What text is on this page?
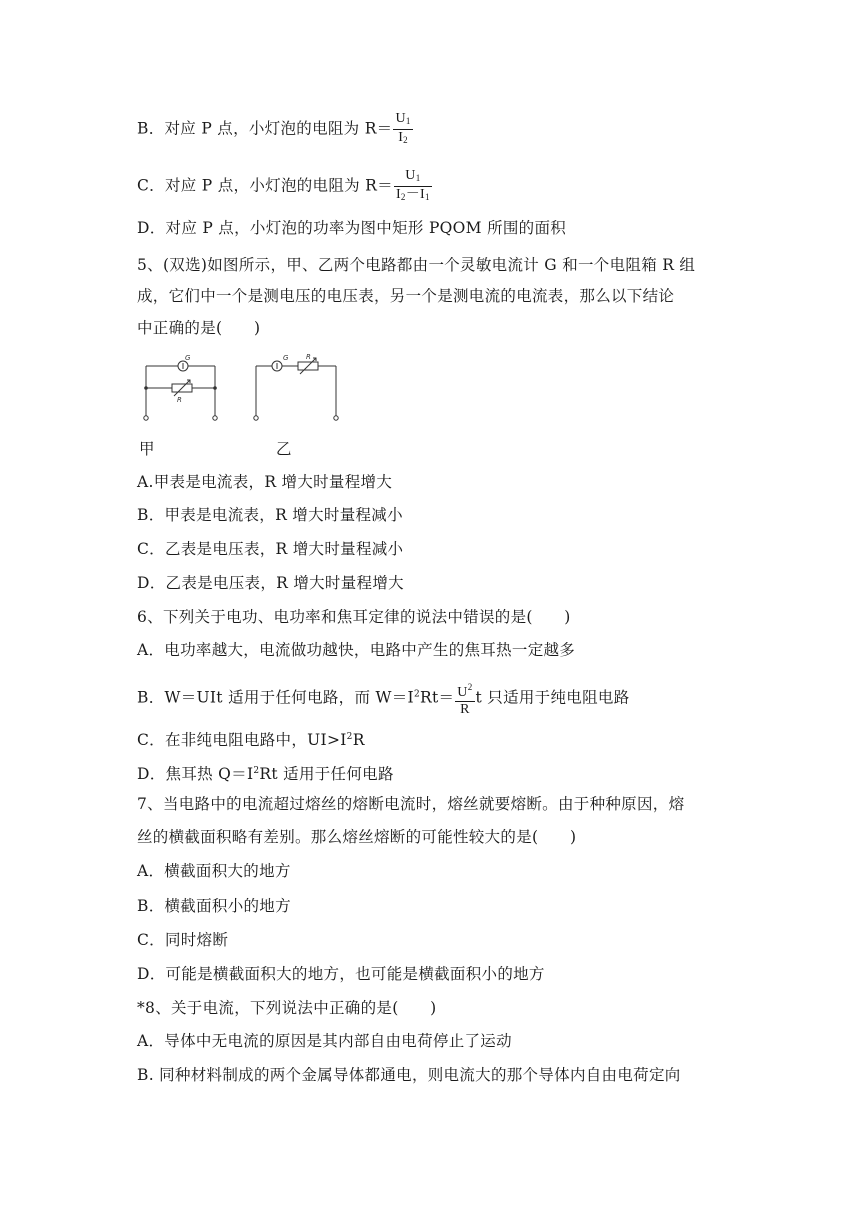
B．对应 P 点，小灯泡的电阻为 $R= \frac{U_1}{I_2}$
C．对应 P 点，小灯泡的电阻为 $R= \frac{U_1}{I_2-I_1}$
D．对应 P 点，小灯泡的功率为图中矩形 PQOM 所围的面积
5、(双选)如图所示，甲、乙两个电路都由一个灵敏电流计 G 和一个电阻箱 R 组
成，它们中一个是测电压的电压表，另一个是测电流的电流表，那么以下结论
中正确的是(　　)
G
R
G	R
甲	乙
A.甲表是电流表，R 增大时量程增大
B．甲表是电流表，R 增大时量程减小
C．乙表是电压表，R 增大时量程减小
D．乙表是电压表，R 增大时量程增大
6、下列关于电功、电功率和焦耳定律的说法中错误的是(　　)
A．电功率越大，电流做功越快，电路中产生的焦耳热一定越多
B．W＝UIt 适用于任何电路，而 $W=I^2Rt= \frac{U^2}{R}$ t 只适用于纯电阻电路
C．在非纯电阻电路中，$UI>I^2R$
D．焦耳热 $Q=I^2Rt$ 适用于任何电路
7、当电路中的电流超过熔丝的熔断电流时，熔丝就要熔断。由于种种原因，熔
丝的横截面积略有差别。那么熔丝熔断的可能性较大的是(　　)
A．横截面积大的地方
B．横截面积小的地方
C．同时熔断
D．可能是横截面积大的地方，也可能是横截面积小的地方
*8、关于电流，下列说法中正确的是(　　)
A．导体中无电流的原因是其内部自由电荷停止了运动
B. 同种材料制成的两个金属导体都通电，则电流大的那个导体内自由电荷定向
